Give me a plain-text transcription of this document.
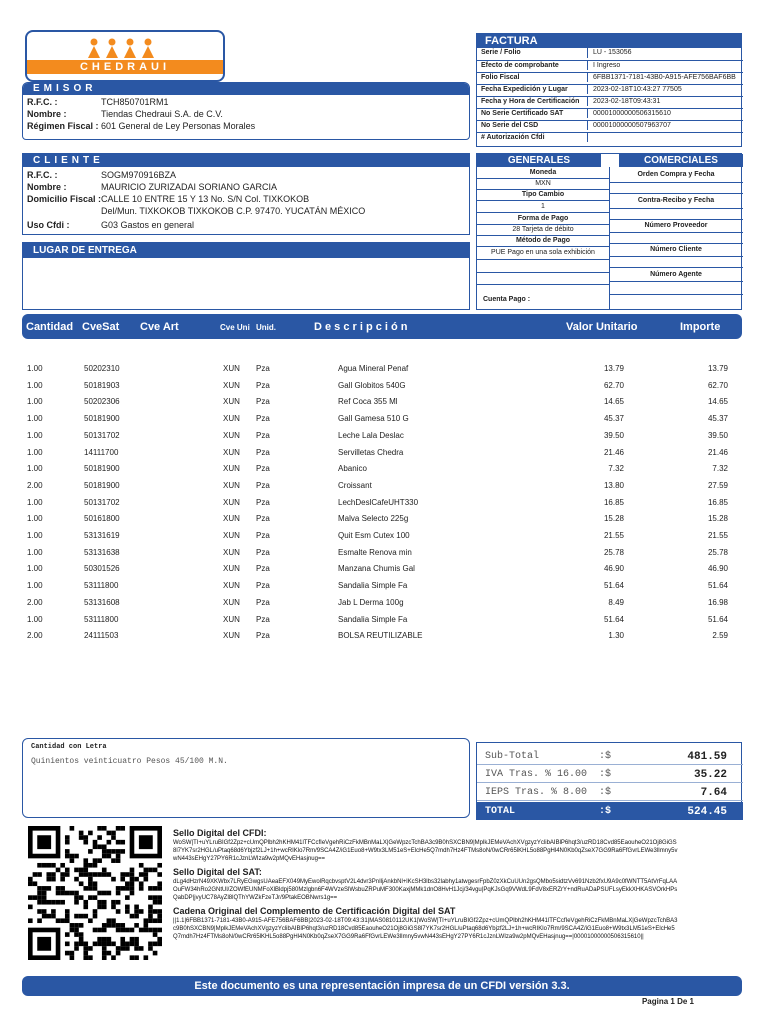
CHEDRAUI
EMISOR
R.F.C. :	TCH850701RM1
Nombre :	Tiendas Chedraui S.A. de C.V.
Régimen Fiscal : 601 General de Ley Personas Morales
FACTURA
Serie / Folio	LU - 153056
Efecto de comprobante	I Ingreso
Folio Fiscal	6FBB1371-7181-43B0-A915-AFE756BAF6BB
Fecha Expedición y Lugar	2023-02-18T10:43:27 77505
Fecha y Hora de Certificación 2023-02-18T09:43:31
No Serie Certificado SAT	00001000000506315610
No Serie del CSD	00001000000507963707
# Autorización Cfdi
CLIENTE
R.F.C. :	SOGM970916BZA
Nombre :	MAURICIO ZURIZADAI SORIANO GARCIA
Domicilio Fiscal : CALLE 10 ENTRE 15 Y 13 No. S/N Col. TIXKOKOB
Del/Mun. TIXKOKOB TIXKOKOB C.P. 97470. YUCATÁN MÉXICO
Uso Cfdi :	G03 Gastos en general
GENERALES	COMERCIALES
Moneda
MXN
Tipo Cambio
1
Forma de Pago
28 Tarjeta de débito
Método de Pago
PUE Pago en una sola exhibición
Cuenta Pago :
Orden Compra y Fecha
Contra-Recibo y Fecha
Número Proveedor
Número Cliente
Número Agente
LUGAR DE ENTREGA
Cantidad CveSat Cve Art	Cve Uni Unid.	D e s c r i p c i ó n	Valor Unitario	Importe
1.00	50202310	XUN Pza	Agua Mineral Penaf	13.79	13.79
1.00	50181903	XUN Pza	Gall Globitos 540G	62.70	62.70
1.00	50202306	XUN Pza	Ref Coca 355 Ml	14.65	14.65
1.00	50181900	XUN Pza	Gall Gamesa 510 G	45.37	45.37
1.00	50131702	XUN Pza	Leche Lala Deslac	39.50	39.50
1.00	14111700	XUN Pza	Servilletas Chedra	21.46	21.46
1.00	50181900	XUN Pza	Abanico	7.32	7.32
2.00	50181900	XUN Pza	Croissant	13.80	27.59
1.00	50131702	XUN Pza	LechDeslCafeUHT330	16.85	16.85
1.00	50161800	XUN Pza	Malva Selecto 225g	15.28	15.28
1.00	53131619	XUN Pza	Quit Esm Cutex 100	21.55	21.55
1.00	53131638	XUN Pza	Esmalte Renova min	25.78	25.78
1.00	50301526	XUN Pza	Manzana Chumis Gal	46.90	46.90
1.00	53111800	XUN Pza	Sandalia Simple Fa	51.64	51.64
2.00	53131608	XUN Pza	Jab L Derma 100g	8.49	16.98
1.00	53111800	XUN Pza	Sandalia Simple Fa	51.64	51.64
2.00	24111503	XUN Pza	BOLSA REUTILIZABLE	1.30	2.59
Cantidad con Letra
Quinientos veinticuatro Pesos 45/100 M.N.	Sub-Total	:$	481.59
IVA Tras. % 16.00 :$	35.22
IEPS Tras. % 8.00 :$	7.64
TOTAL	:$	524.45
Sello Digital del CFDI:
WoSW|TI+uYLruBIGf2Zpz+cUmQPlbh2hKHM41lTFCcfIeVgehRiCzFkMBnMaLX|GeWpzcTchBA3c9B0hSXCBN9|MplkJEMeVAchXVgzyzYclibAIBlP6hqt3/uzRD18Cvd85EaouheO21Oj8GiGS8l7YK7sr2HGL/uPtaq68d6Ybjzf2LJ+1h+wcRIKlo7Rm/9SCA4Z/iG1Euo8+W9tx3LM51eS+ElcHe5Q7mdh7Hz4FTMs8oN/0wCRr65lKHL5o88PgHl4N0Kb0qZseX7GG9Ra6FfGvrLEWe3lImny5vwN443sEHgY27PY6R1cJznLWIza9w2pMQvEHasjnug==
Sello Digital del SAT:
dLg4dHzrN49XKWbx7LRyEGwgsUAeaEFX049MyEwolRqcbvsptV2L4dvr3PnIljAnkbNl+lKcSH3lbs32labhy1atwgesrFpbZ0zXkCuUUn2gsQMbo5sidtzVv691Nzb2fxU9A9c0fWNTT5AtVrFqLAAOuFW34hRo2GNtUl/ZOWfEUNMFoXlBldpj580Mzlgbn6F4WVzeSlWsbuZRPuMF300KaxjMMk1dnO8HvH1Jcj/34vgu|PqKJsGq9VWdL9FdV8xERZrY+ndRuADaPSUFLsyEkkXHKASVOrkHPsQabDP|jvyUC78AyZl8lQThYWZkFzeTJr/9PtakEOBNwrs1g==
Cadena Original del Complemento de Certificación Digital del SAT
||1.1|6FBB1371-7181-43B0-A915-AFE756BAF6BB|2023-02-18T09:43:31|MAS0810112UK1|WoSW|TI+uYLruBIGf2Zpz+cUmQPlbh2hKHM41lTFCcfIeVgehRiCzFkMBnMaLX|GeWpzcTchBA3c9B0hSXCBN9|MplkJEMeVAchXVgzyzYclibAIBlP6hqt3/uzRD18Cvd85EaouheO21Oj8GiGS8l7YK7sr2HGL/uPtaq68d6Ybjzf2LJ+1h+wcRIKlo7Rm/9SCA4Z/iG1Euo8+W9tx3LM51eS+ElcHe5Q7mdh7Hz4FTMs8oN/0wCRr65lKHL5o88PgHl4N0Kb0qZseX7GG9Ra6FfGvrLEWe3lImny5vwN443sEHgY27PY6R1cJznLWIza9w2pMQvEHasjnug==|00001000000506315610||
Este documento es una representación impresa de un CFDI versión 3.3.
Pagina 1 De 1
